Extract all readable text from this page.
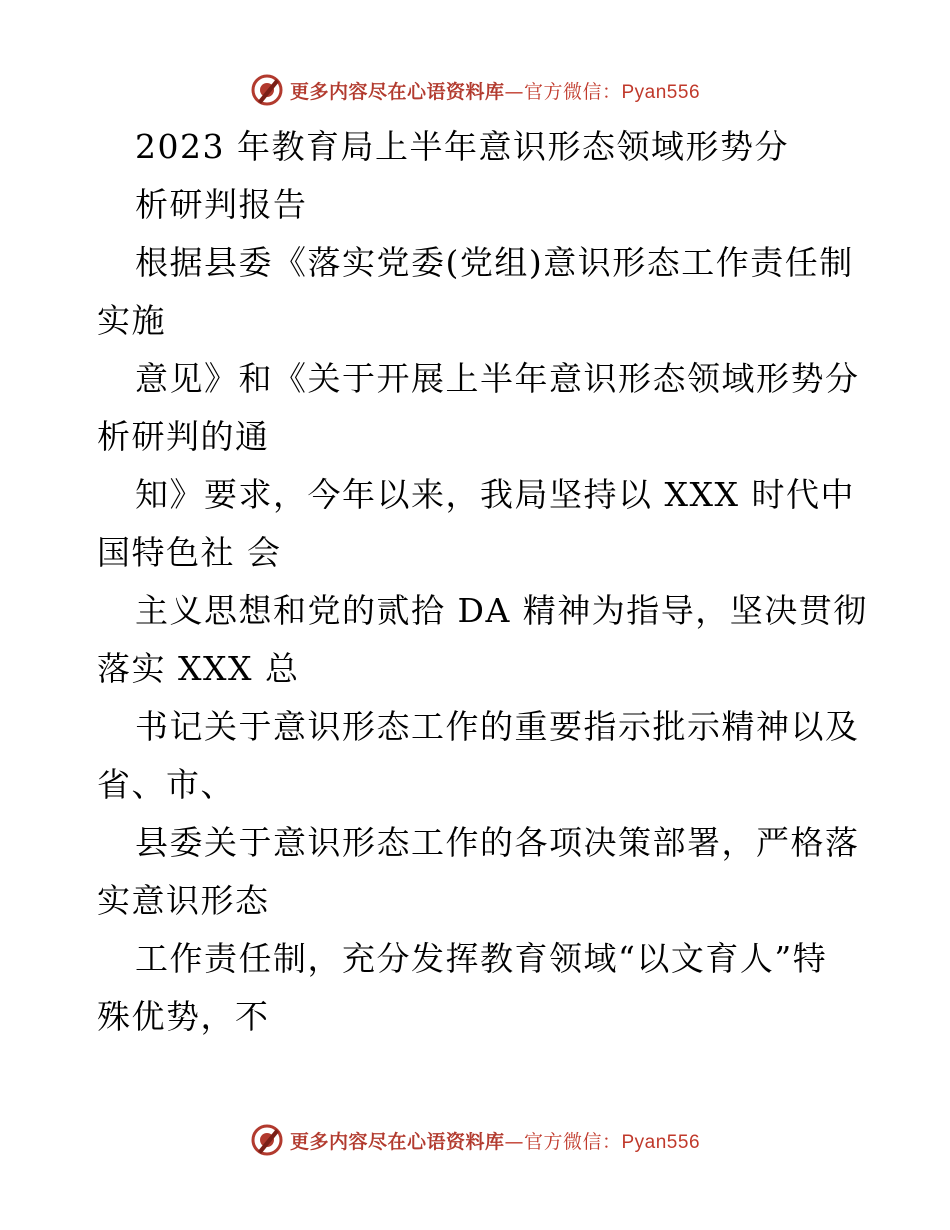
更多内容尽在心语资料库—官方微信：Pyan556
2023 年教育局上半年意识形态领域形势分
析研判报告
根据县委《落实党委(党组)意识形态工作责任制
实施
意见》和《关于开展上半年意识形态领域形势分
析研判的通
知》要求，今年以来，我局坚持以 XXX 时代中
国特色社 会
主义思想和党的贰拾 DA 精神为指导，坚决贯彻
落实 XXX 总
书记关于意识形态工作的重要指示批示精神以及
省、市、
县委关于意识形态工作的各项决策部署，严格落
实意识形态
工作责任制，充分发挥教育领域“以文育人”特
殊优势，不
更多内容尽在心语资料库—官方微信：Pyan556
